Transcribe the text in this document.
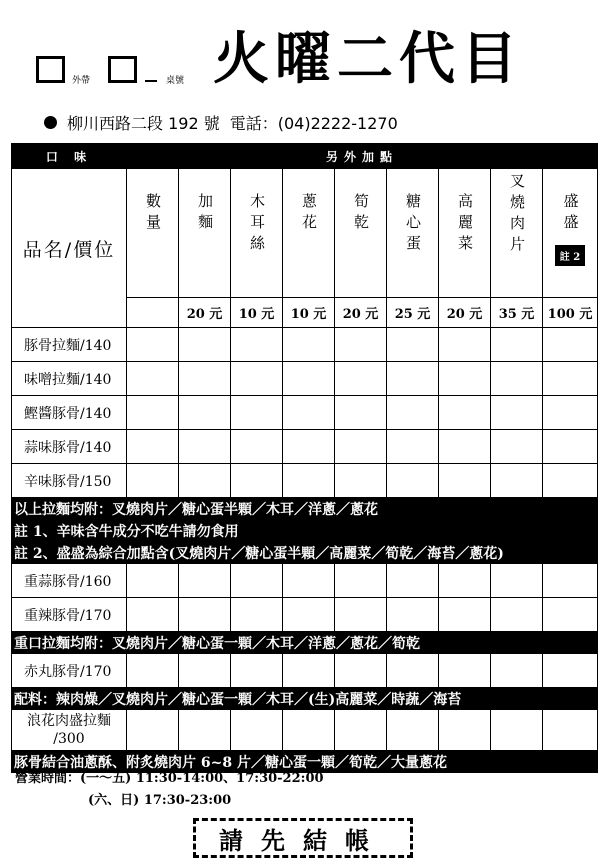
外帶	桌號 火曜二代目
柳川西路二段 192 號 電話：(04)2222-1270
口 味	另外加點								
品名/價位	數量	加麵	木耳絲	蔥花	筍乾	糖心蛋	高麗菜	叉燒肉片	盛盛
註 2
		20 元	10 元	10 元	20 元	25 元	20 元	35 元	100 元
豚骨拉麵/140									
味噌拉麵/140									
鰹醬豚骨/140									
蒜味豚骨/140									
辛味豚骨/150									
以上拉麵均附：叉燒肉片／糖心蛋半顆／木耳／洋蔥／蔥花									
註 1、辛味含牛成分不吃牛請勿食用									
註 2、盛盛為綜合加點含(叉燒肉片／糖心蛋半顆／高麗菜／筍乾／海苔／蔥花)									
重蒜豚骨/160									
重辣豚骨/170									
重口拉麵均附：叉燒肉片／糖心蛋一顆／木耳／洋蔥／蔥花／筍乾									
赤丸豚骨/170									
配料：辣肉燥／叉燒肉片／糖心蛋一顆／木耳／(生)高麗菜／時蔬／海苔									
浪花肉盛拉麵
/300									
豚骨結合油蔥酥、附炙燒肉片 6~8 片／糖心蛋一顆／筍乾／大量蔥花									
營業時間：(一～五) 11:30-14:00、17:30-22:00
(六、日) 17:30-23:00
請先結帳
